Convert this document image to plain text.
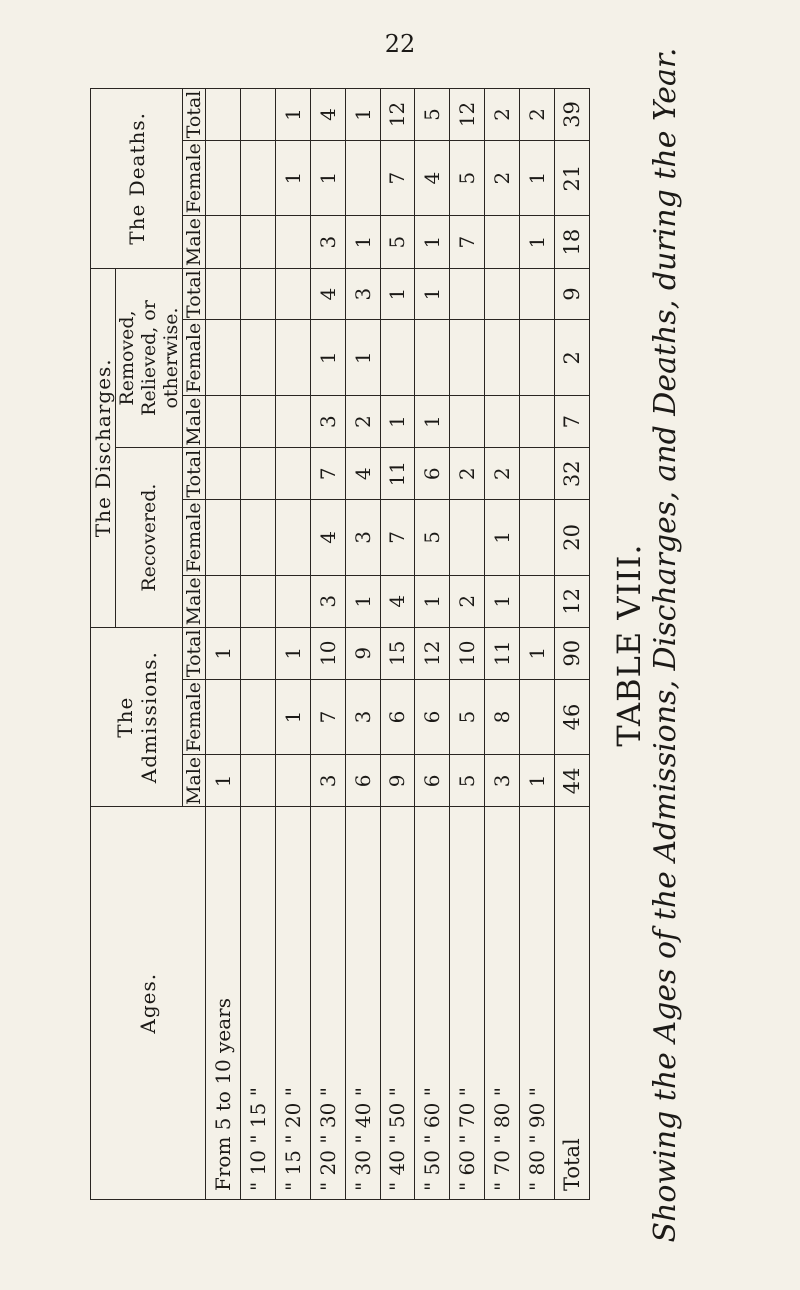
22
Ages.	The Admissions.			The Discharges.						The Deaths.		
				Recovered.			Removed, Relieved, or otherwise.					
	Male	Female	Total	Male	Female	Total	Male	Female	Total	Male	Female	Total
From 5 to 10 years	1		1									
" 10 " 15 "												
" 15 " 20 "		1	1								1	1
" 20 " 30 "	3	7	10	3	4	7	3	1	4	3	1	4
" 30 " 40 "	6	3	9	1	3	4	2	1	3	1		1
" 40 " 50 "	9	6	15	4	7	11	1		1	5	7	12
" 50 " 60 "	6	6	12	1	5	6	1		1	1	4	5
" 60 " 70 "	5	5	10	2		2				7	5	12
" 70 " 80 "	3	8	11	1	1	2					2	2
" 80 " 90 "	1		1							1	1	2
Total	44	46	90	12	20	32	7	2	9	18	21	39
TABLE VIII. Showing the Ages of the Admissions, Discharges, and Deaths, during the Year.
